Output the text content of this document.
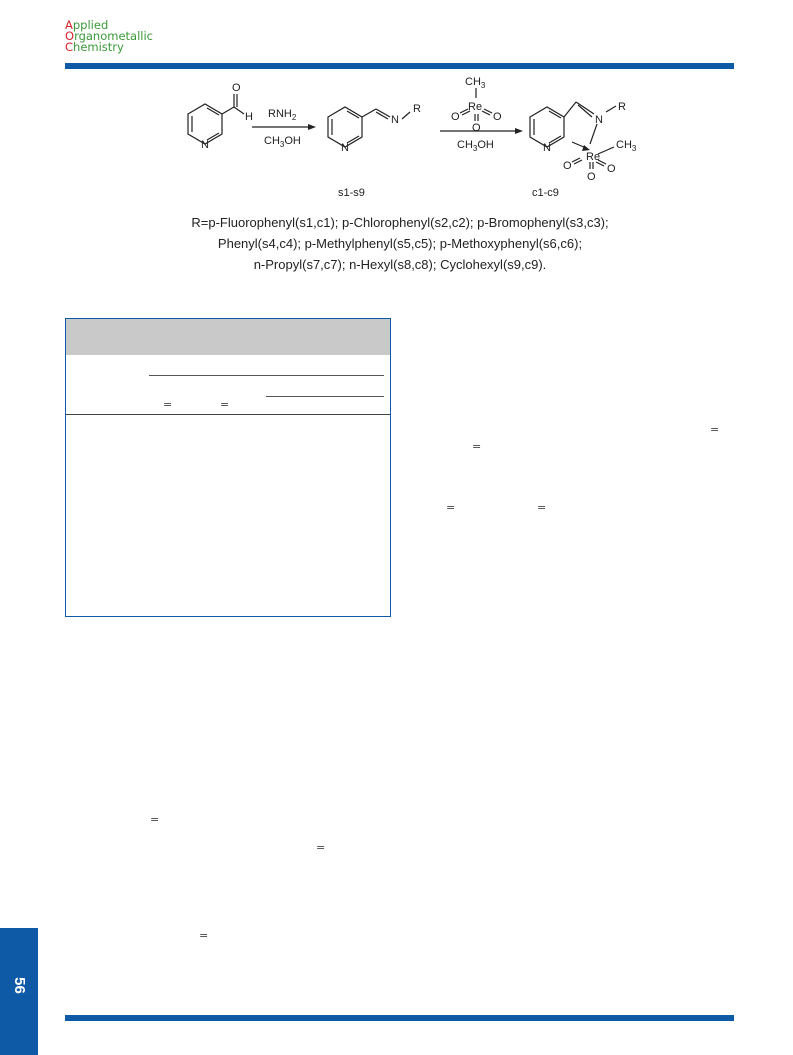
Applied
Organometallic
Chemistry
O
H
N
$RNH_2$
$CH_3OH$
N
R
N
$CH_3$
Re
O	O
O
$CH_3OH$	N
N
R
Re
$CH_3$
O	O
O
s1-s9	c1-c9
R=p-Fluorophenyl(s1,c1); p-Chlorophenyl(s2,c2); p-Bromophenyl(s3,c3);
Phenyl(s4,c4); p-Methylphenyl(s5,c5); p-Methoxyphenyl(s6,c6);
n-Propyl(s7,c7); n-Hexyl(s8,c8); Cyclohexyl(s9,c9).
=	=
=
=
=	=
=
=
=
56
